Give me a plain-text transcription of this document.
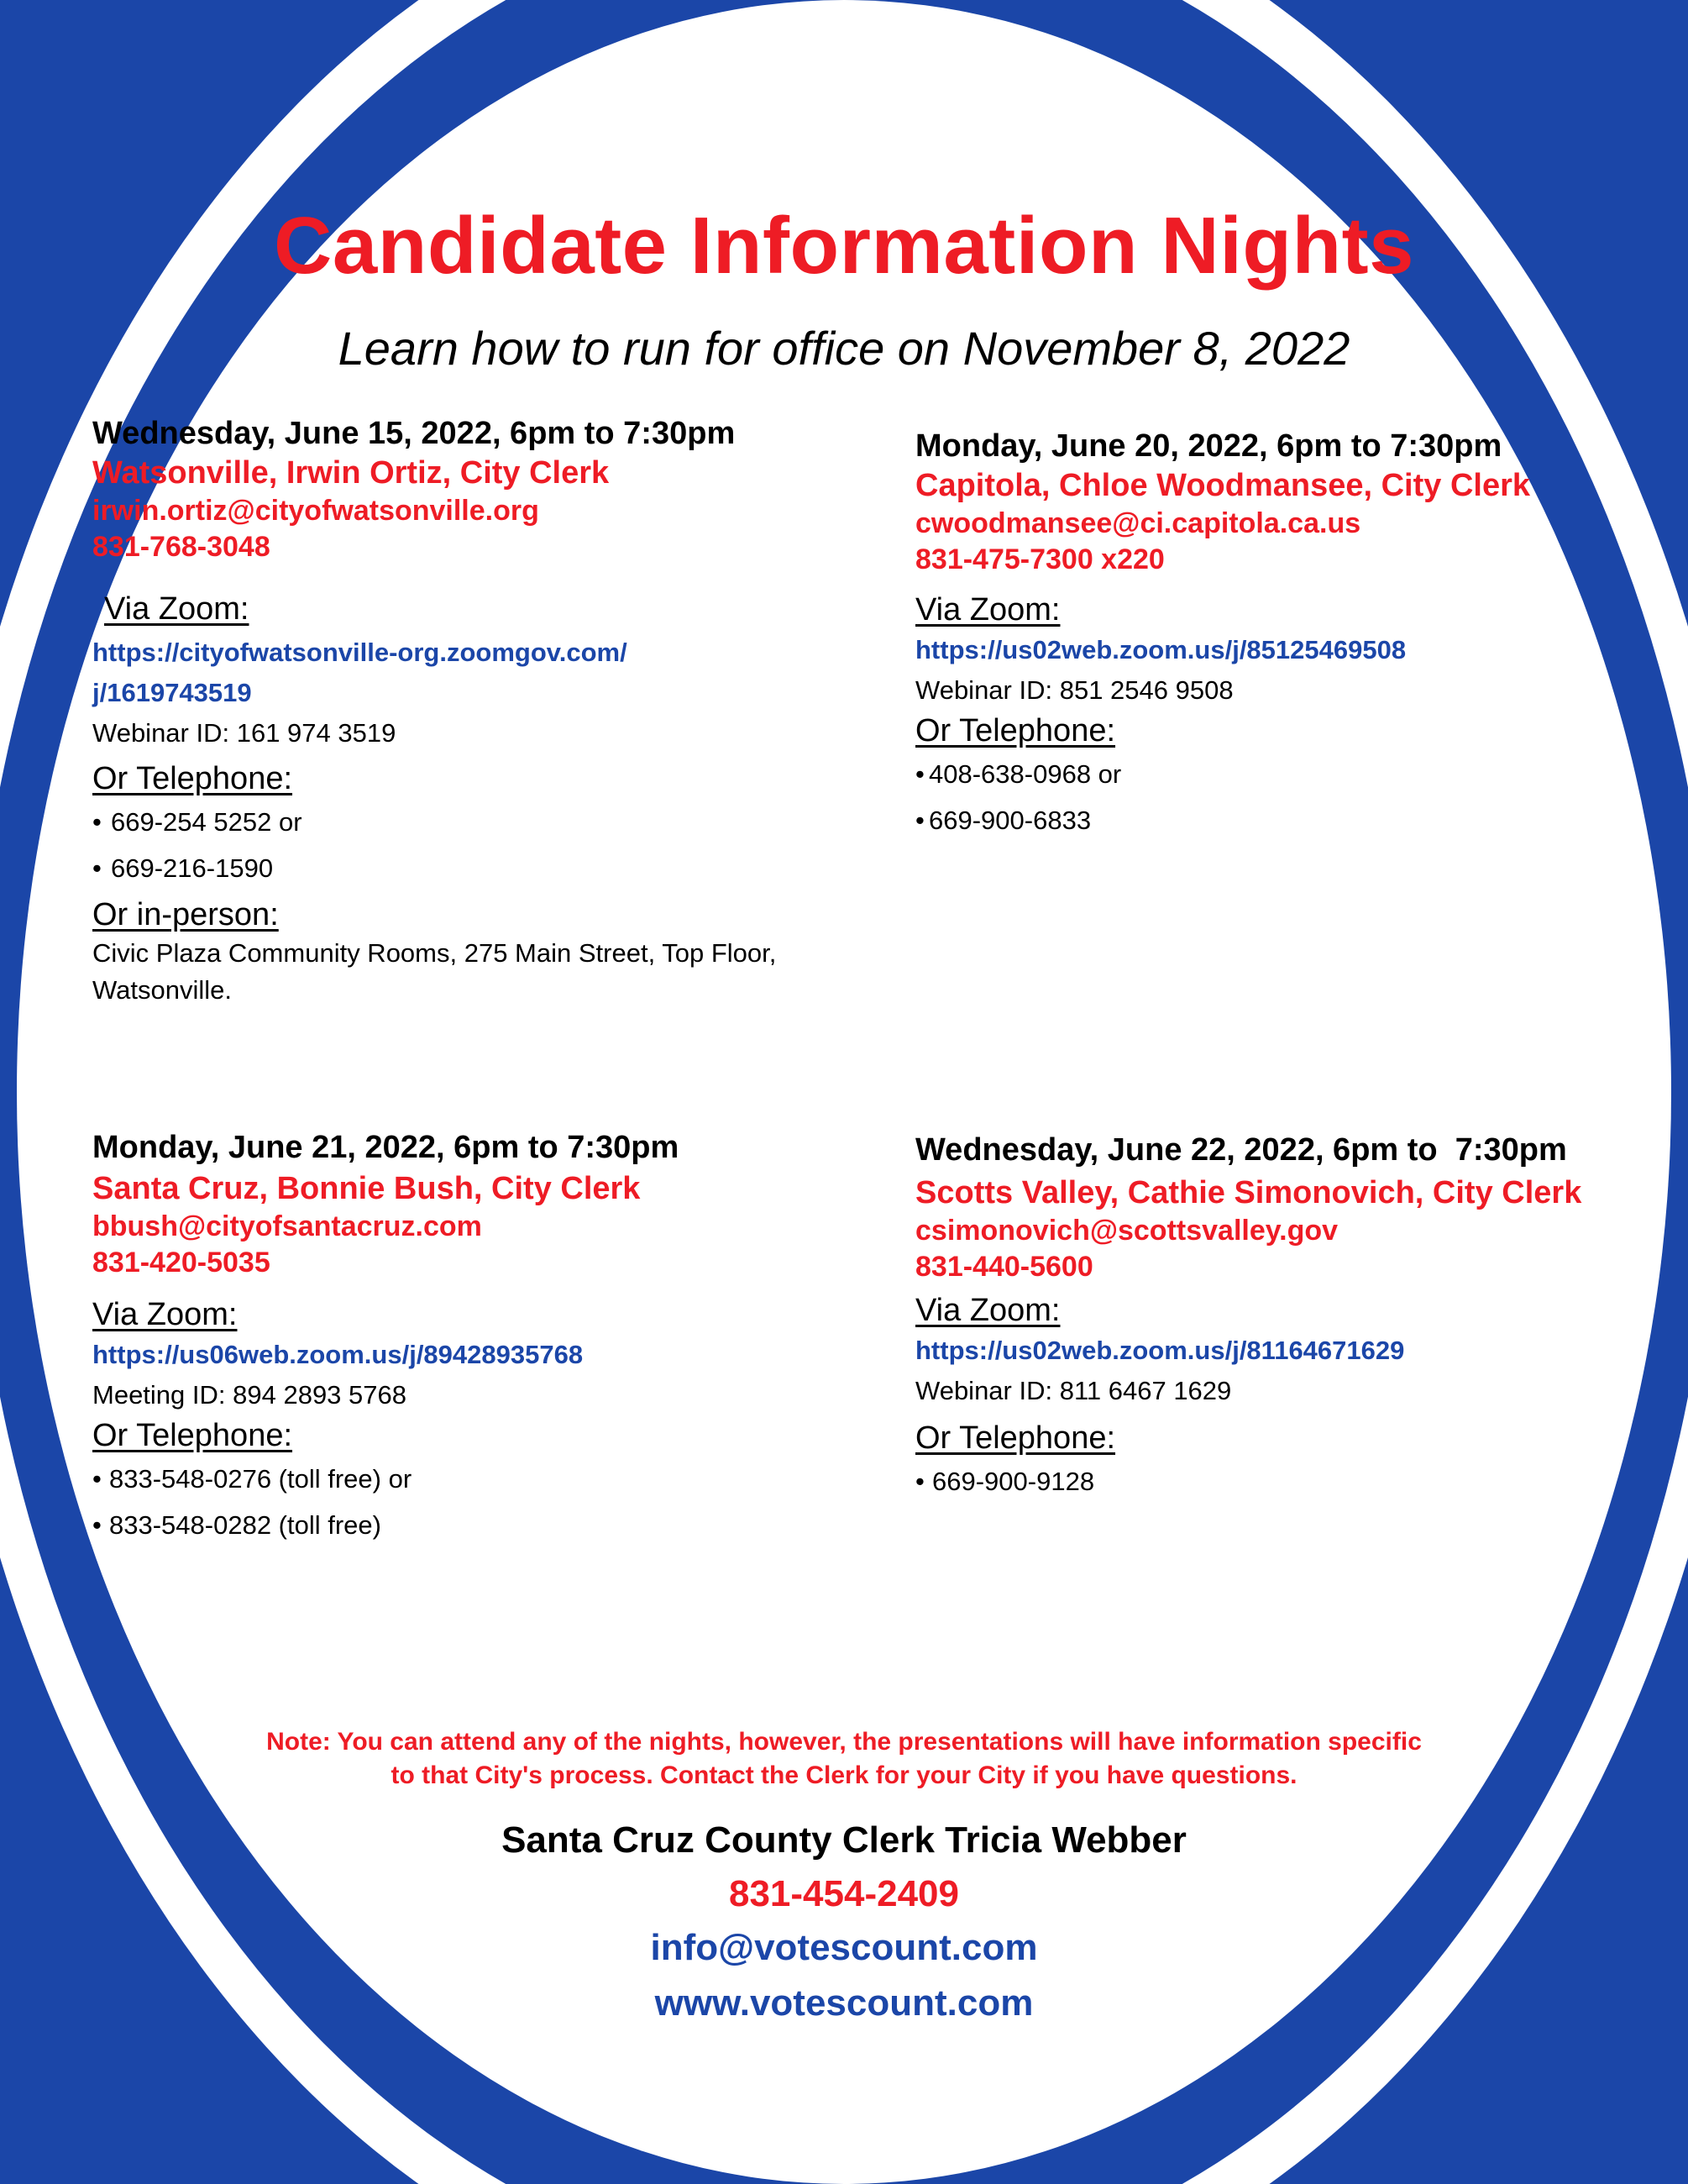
Candidate Information Nights
Learn how to run for office on November 8, 2022
Wednesday, June 15, 2022, 6pm to 7:30pm
Watsonville, Irwin Ortiz, City Clerk
irwin.ortiz@cityofwatsonville.org
831-768-3048
Via Zoom:
https://cityofwatsonville-org.zoomgov.com/
j/1619743519
Webinar ID: 161 974 3519
Or Telephone:
• 669-254 5252 or
• 669-216-1590
Or in-person:
Civic Plaza Community Rooms, 275 Main Street, Top Floor, Watsonville.
Monday, June 20, 2022, 6pm to 7:30pm
Capitola, Chloe Woodmansee, City Clerk
cwoodmansee@ci.capitola.ca.us
831-475-7300 x220
Via Zoom:
https://us02web.zoom.us/j/85125469508
Webinar ID: 851 2546 9508
Or Telephone:
• 408-638-0968 or
• 669-900-6833
Monday, June 21, 2022, 6pm to 7:30pm
Santa Cruz, Bonnie Bush, City Clerk
bbush@cityofsantacruz.com
831-420-5035
Via Zoom:
https://us06web.zoom.us/j/89428935768
Meeting ID: 894 2893 5768
Or Telephone:
• 833-548-0276 (toll free) or
• 833-548-0282 (toll free)
Wednesday, June 22, 2022, 6pm to  7:30pm
Scotts Valley, Cathie Simonovich, City Clerk
csimonovich@scottsvalley.gov
831-440-5600
Via Zoom:
https://us02web.zoom.us/j/81164671629
Webinar ID: 811 6467 1629
Or Telephone:
• 669-900-9128
Note: You can attend any of the nights, however, the presentations will have information specific
to that City's process. Contact the Clerk for your City if you have questions.
Santa Cruz County Clerk Tricia Webber
831-454-2409
info@votescount.com
www.votescount.com
